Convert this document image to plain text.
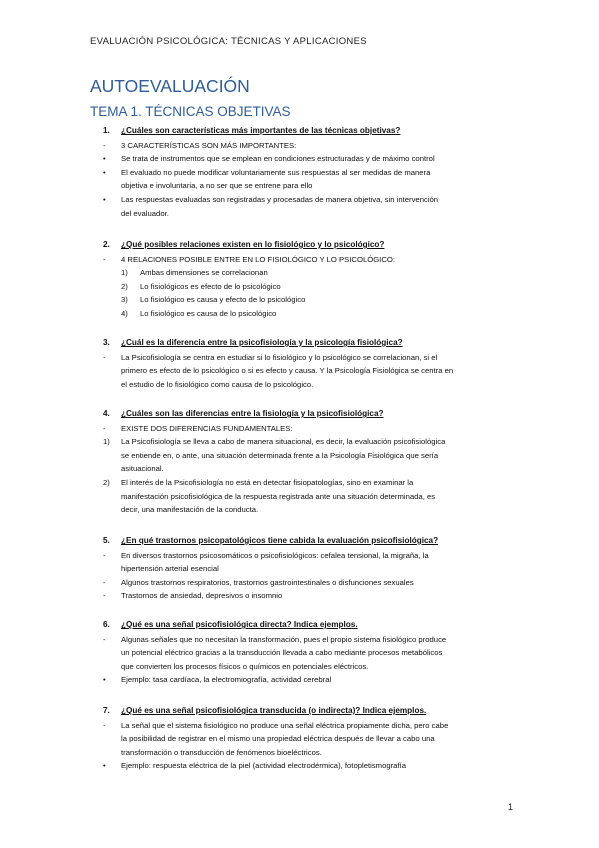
EVALUACIÓN PSICOLÓGICA: TÉCNICAS Y APLICACIONES
AUTOEVALUACIÓN
TEMA 1. TÉCNICAS OBJETIVAS
1. ¿Cuáles son características más importantes de las técnicas objetivas?
-	3 CARACTERÍSTICAS SON MÁS IMPORTANTES:
•	Se trata de instrumentos que se emplean en condiciones estructuradas y de máximo control
•	El evaluado no puede modificar voluntariamente sus respuestas al ser medidas de manera
objetiva e involuntaria, a no ser que se entrene para ello
•	Las respuestas evaluadas son registradas y procesadas de manera objetiva, sin intervención
del evaluador.
2. ¿Qué posibles relaciones existen en lo fisiológico y lo psicológico?
-	4 RELACIONES POSIBLE ENTRE EN LO FISIOLÓGICO Y LO PSICOLÓGICO:
1)	Ambas dimensiones se correlacionan
2)	Lo fisiológicos es efecto de lo psicológico
3)	Lo fisiológico es causa y efecto de lo psicológico
4)	Lo fisiológico es causa de lo psicológico
3. ¿Cuál es la diferencia entre la psicofisiología y la psicología fisiológica?
-	La Psicofisiología se centra en estudiar si lo fisiológico y lo psicológico se correlacionan, si el
primero es efecto de lo psicológico o si es efecto y causa. Y la Psicología Fisiológica se centra en
el estudio de lo fisiológico como causa de lo psicológico.
4. ¿Cuáles son las diferencias entre la fisiología y la psicofisiológica?
-	EXISTE DOS DIFERENCIAS FUNDAMENTALES:
1)	La Psicofisiología se lleva a cabo de manera situacional, es decir, la evaluación psicofisiológica
se entiende en, o ante, una situación determinada frente a la Psicología Fisiológica que sería
asituacional.
2)	El interés de la Psicofisiología no está en detectar fisiopatologías, sino en examinar la
manifestación psicofisiológica de la respuesta registrada ante una situación determinada, es
decir, una manifestación de la conducta.
5. ¿En qué trastornos psicopatológicos tiene cabida la evaluación psicofisiológica?
-	En diversos trastornos psicosomáticos o psicofisiológicos: cefalea tensional, la migraña, la
hipertensión arterial esencial
-	Algunos trastornos respiratorios, trastornos gastrointestinales o disfunciones sexuales
-	Trastornos de ansiedad, depresivos o insomnio
6. ¿Qué es una señal psicofisiológica directa? Indica ejemplos.
-	Algunas señales que no necesitan la transformación, pues el propio sistema fisiológico produce
un potencial eléctrico gracias a la transducción llevada a cabo mediante procesos metabólicos
que convierten los procesos físicos o químicos en potenciales eléctricos.
•	Ejemplo: tasa cardíaca, la electromiografía, actividad cerebral
7. ¿Qué es una señal psicofisiológica transducida (o indirecta)? Indica ejemplos.
-	La señal que el sistema fisiológico no produce una señal eléctrica propiamente dicha, pero cabe
la posibilidad de registrar en el mismo una propiedad eléctrica después de llevar a cabo una
transformación o transducción de fenómenos bioeléctricos.
•	Ejemplo: respuesta eléctrica de la piel (actividad electrodérmica), fotopletismografía
1
